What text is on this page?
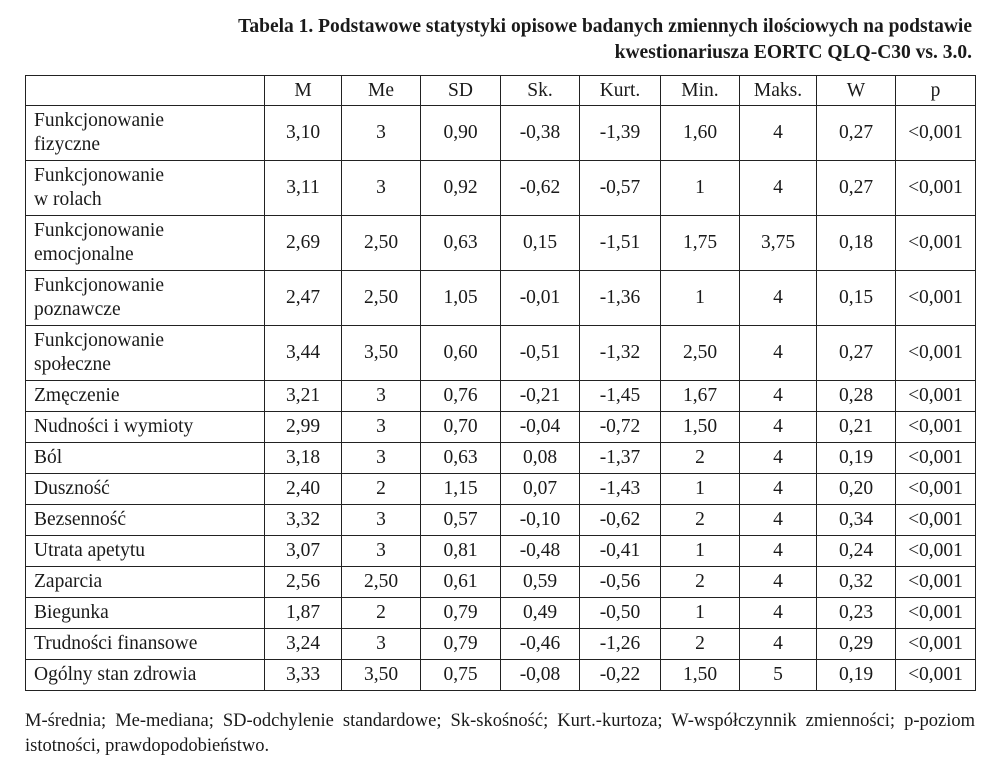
Tabela 1. Podstawowe statystyki opisowe badanych zmiennych ilościowych na podstawie
kwestionariusza EORTC QLQ-C30 vs. 3.0.
	M	Me	SD	Sk.	Kurt.	Min.	Maks.	W	p

Funkcjonowanie
fizyczne	3,10	3	0,90	-0,38	-1,39	1,60	4	0,27	<0,001

Funkcjonowanie
w rolach	3,11	3	0,92	-0,62	-0,57	1	4	0,27	<0,001

Funkcjonowanie
emocjonalne	2,69	2,50	0,63	0,15	-1,51	1,75	3,75	0,18	<0,001

Funkcjonowanie
poznawcze	2,47	2,50	1,05	-0,01	-1,36	1	4	0,15	<0,001

Funkcjonowanie
społeczne	3,44	3,50	0,60	-0,51	-1,32	2,50	4	0,27	<0,001

Zmęczenie	3,21	3	0,76	-0,21	-1,45	1,67	4	0,28	<0,001

Nudności i wymioty	2,99	3	0,70	-0,04	-0,72	1,50	4	0,21	<0,001

Ból	3,18	3	0,63	0,08	-1,37	2	4	0,19	<0,001

Duszność	2,40	2	1,15	0,07	-1,43	1	4	0,20	<0,001

Bezsenność	3,32	3	0,57	-0,10	-0,62	2	4	0,34	<0,001

Utrata apetytu	3,07	3	0,81	-0,48	-0,41	1	4	0,24	<0,001

Zaparcia	2,56	2,50	0,61	0,59	-0,56	2	4	0,32	<0,001

Biegunka	1,87	2	0,79	0,49	-0,50	1	4	0,23	<0,001

Trudności finansowe	3,24	3	0,79	-0,46	-1,26	2	4	0,29	<0,001

Ogólny stan zdrowia	3,33	3,50	0,75	-0,08	-0,22	1,50	5	0,19	<0,001
M-średnia; Me-mediana; SD-odchylenie standardowe; Sk-skośność; Kurt.-kurtoza; W-współczynnik zmienności; p-poziom istotności, prawdopodobieństwo.
